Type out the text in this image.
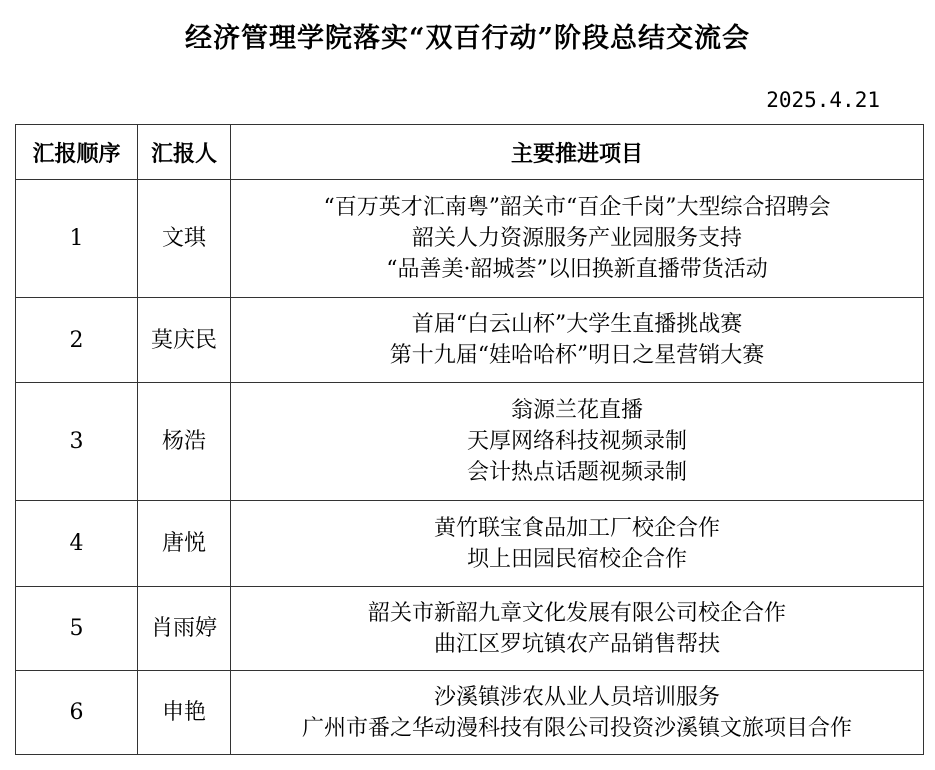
经济管理学院落实“双百行动”阶段总结交流会
2025.4.21
汇报顺序	汇报人	主要推进项目
1	文琪	“百万英才汇南粤”韶关市“百企千岗”大型综合招聘会
韶关人力资源服务产业园服务支持
“品善美·韶城荟”以旧换新直播带货活动

2	莫庆民	首届“白云山杯”大学生直播挑战赛
第十九届“娃哈哈杯”明日之星营销大赛

3	杨浩	翁源兰花直播
天厚网络科技视频录制
会计热点话题视频录制

4	唐悦	黄竹联宝食品加工厂校企合作
坝上田园民宿校企合作

5	肖雨婷	韶关市新韶九章文化发展有限公司校企合作
曲江区罗坑镇农产品销售帮扶

6	申艳	沙溪镇涉农从业人员培训服务
广州市番之华动漫科技有限公司投资沙溪镇文旅项目合作
